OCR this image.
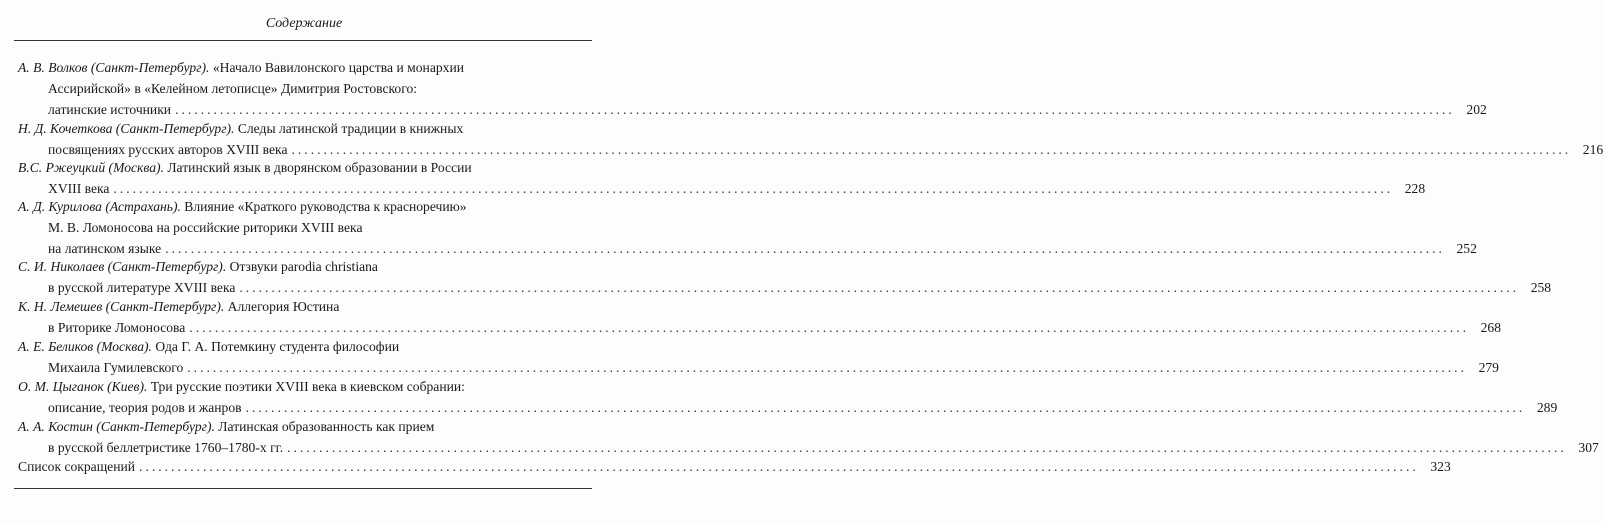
Содержание
А. В. Волков (Санкт-Петербург). «Начало Вавилонского царства и монархии
Ассирийской» в «Келейном летописце» Димитрия Ростовского:
латинские источники ........................................................................................................................................................................................................ 202
Н. Д. Кочеткова (Санкт-Петербург). Следы латинской традиции в книжных
посвящениях русских авторов XVIII века ........................................................................................................................................................................................................ 216
В.С. Ржеуцкий (Москва). Латинский язык в дворянском образовании в России
XVIII века ........................................................................................................................................................................................................ 228
А. Д. Курилова (Астрахань). Влияние «Краткого руководства к красноречию»
М. В. Ломоносова на российские риторики XVIII века
на латинском языке ........................................................................................................................................................................................................ 252
С. И. Николаев (Санкт-Петербург). Отзвуки parodia christiana
в русской литературе XVIII века ........................................................................................................................................................................................................ 258
К. Н. Лемешев (Санкт-Петербург). Аллегория Юстина
в Риторике Ломоносова ........................................................................................................................................................................................................ 268
А. Е. Беликов (Москва). Ода Г. А. Потемкину студента философии
Михаила Гумилевского ........................................................................................................................................................................................................ 279
О. М. Цыганок (Киев). Три русские поэтики XVIII века в киевском собрании:
описание, теория родов и жанров ........................................................................................................................................................................................................ 289
А. А. Костин (Санкт-Петербург). Латинская образованность как прием
в русской беллетристике 1760–1780-х гг. ........................................................................................................................................................................................................ 307
Список сокращений ........................................................................................................................................................................................................ 323
